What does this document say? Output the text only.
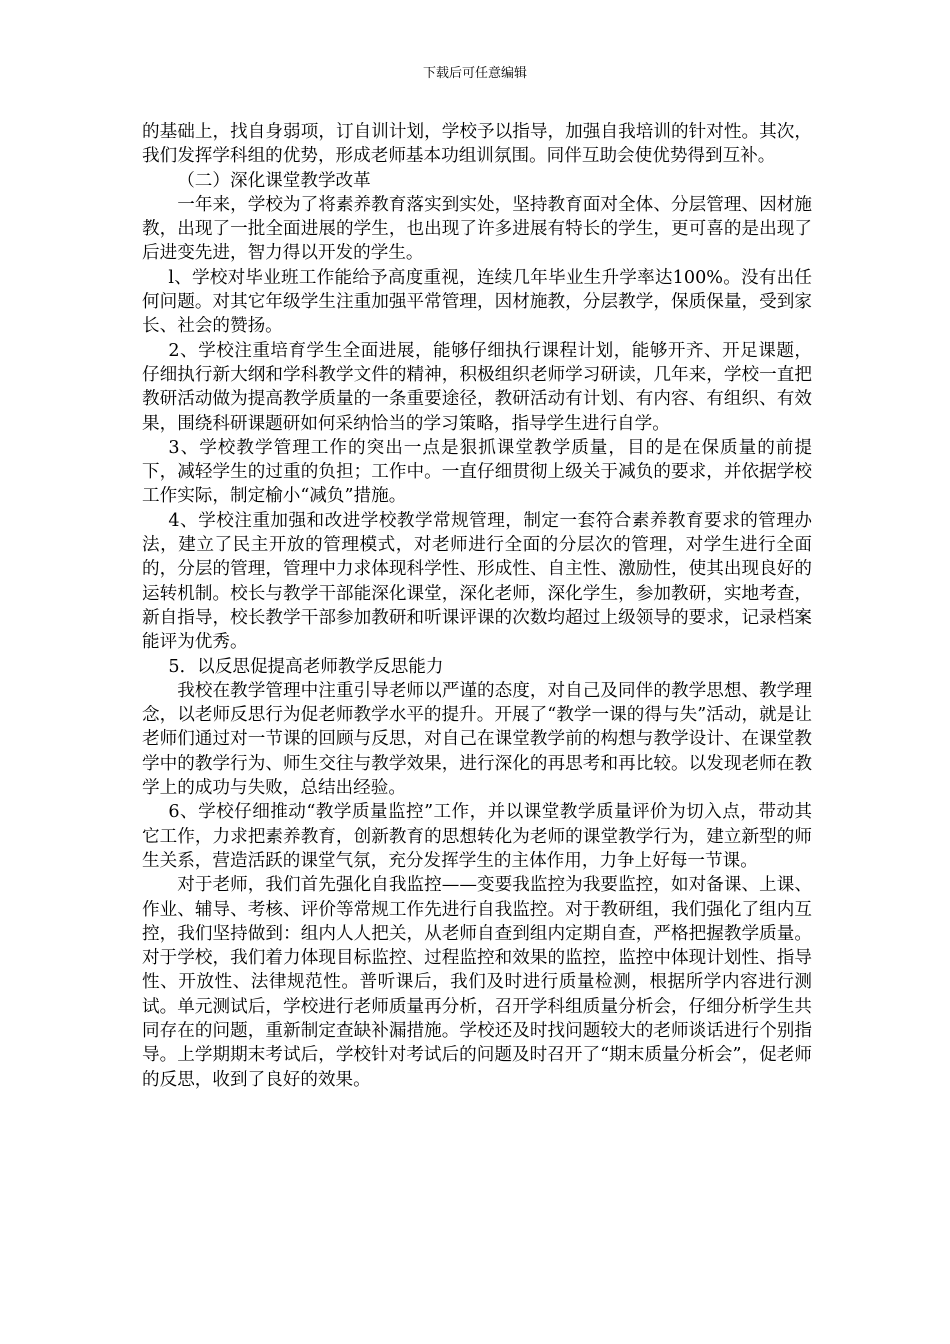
下载后可任意编辑

的基础上，找自身弱项，订自训计划，学校予以指导，加强自我培训的针对性。其次，我们发挥学科组的优势，形成老师基本功组训氛围。同伴互助会使优势得到互补。

（二）深化课堂教学改革

一年来，学校为了将素养教育落实到实处，坚持教育面对全体、分层管理、因材施教，出现了一批全面进展的学生，也出现了许多进展有特长的学生，更可喜的是出现了后进变先进，智力得以开发的学生。

l、学校对毕业班工作能给予高度重视，连续几年毕业生升学率达100%。没有出任何问题。对其它年级学生注重加强平常管理，因材施教，分层教学，保质保量，受到家长、社会的赞扬。

2、学校注重培育学生全面进展，能够仔细执行课程计划，能够开齐、开足课题，仔细执行新大纲和学科教学文件的精神，积极组织老师学习研读，几年来，学校一直把教研活动做为提高教学质量的一条重要途径，教研活动有计划、有内容、有组织、有效果，围绕科研课题研如何采纳恰当的学习策略，指导学生进行自学。

3、学校教学管理工作的突出一点是狠抓课堂教学质量，目的是在保质量的前提下，减轻学生的过重的负担；工作中。一直仔细贯彻上级关于减负的要求，并依据学校工作实际，制定榆小“减负”措施。

4、学校注重加强和改进学校教学常规管理，制定一套符合素养教育要求的管理办法，建立了民主开放的管理模式，对老师进行全面的分层次的管理，对学生进行全面的，分层的管理，管理中力求体现科学性、形成性、自主性、激励性，使其出现良好的运转机制。校长与教学干部能深化课堂，深化老师，深化学生，参加教研，实地考查，新自指导，校长教学干部参加教研和听课评课的次数均超过上级领导的要求，记录档案能评为优秀。

5．以反思促提高老师教学反思能力

我校在教学管理中注重引导老师以严谨的态度，对自己及同伴的教学思想、教学理念，以老师反思行为促老师教学水平的提升。开展了“教学一课的得与失”活动，就是让老师们通过对一节课的回顾与反思，对自己在课堂教学前的构想与教学设计、在课堂教学中的教学行为、师生交往与教学效果，进行深化的再思考和再比较。以发现老师在教学上的成功与失败，总结出经验。

6、学校仔细推动“教学质量监控”工作，并以课堂教学质量评价为切入点，带动其它工作，力求把素养教育，创新教育的思想转化为老师的课堂教学行为，建立新型的师生关系，营造活跃的课堂气氛，充分发挥学生的主体作用，力争上好每一节课。

对于老师，我们首先强化自我监控——变要我监控为我要监控，如对备课、上课、作业、辅导、考核、评价等常规工作先进行自我监控。对于教研组，我们强化了组内互控，我们坚持做到：组内人人把关，从老师自查到组内定期自查，严格把握教学质量。对于学校，我们着力体现目标监控、过程监控和效果的监控，监控中体现计划性、指导性、开放性、法律规范性。普听课后，我们及时进行质量检测，根据所学内容进行测试。单元测试后，学校进行老师质量再分析，召开学科组质量分析会，仔细分析学生共同存在的问题，重新制定查缺补漏措施。学校还及时找问题较大的老师谈话进行个别指导。上学期期末考试后，学校针对考试后的问题及时召开了“期末质量分析会”，促老师的反思，收到了良好的效果。
